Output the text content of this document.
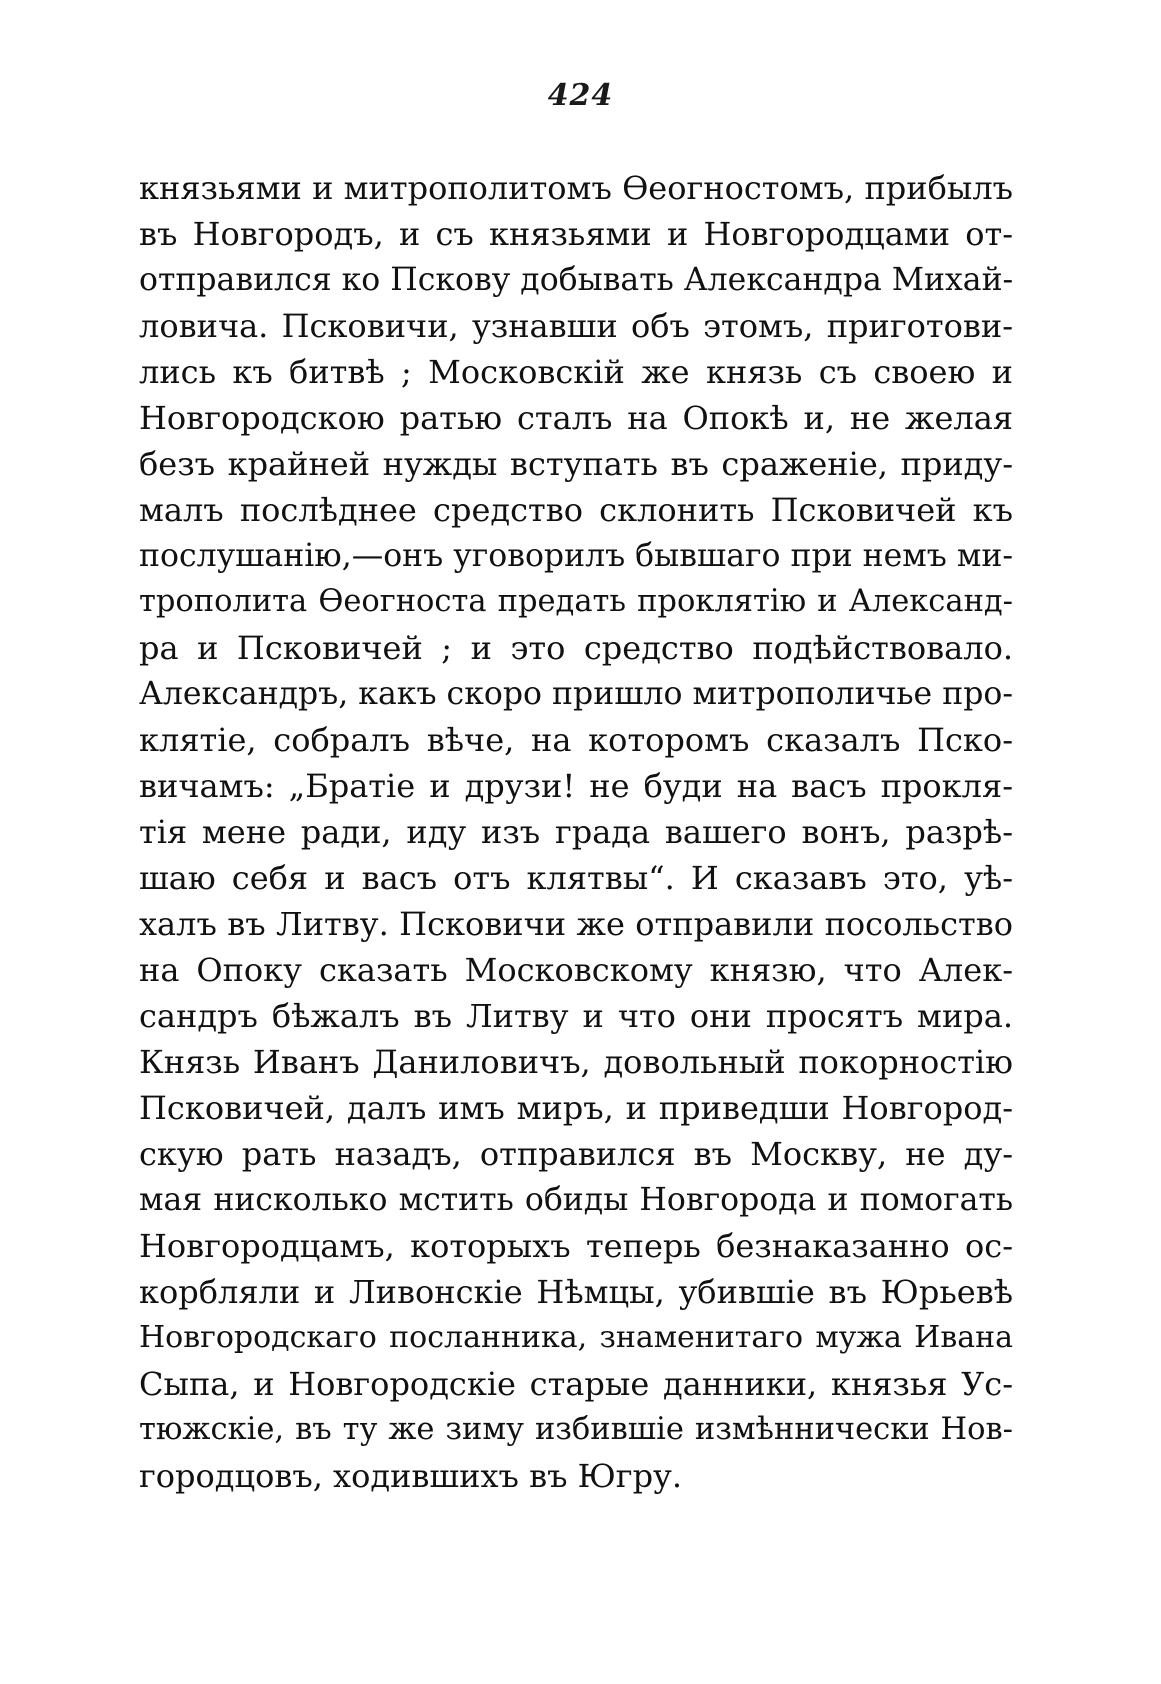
424
князьями и митрополитомъ Ѳеогностомъ, прибылъ
въ Новгородъ, и съ князьями и Новгородцами от-
отправился ко Пскову добывать Александра Михай-
ловича. Псковичи, узнавши объ этомъ, приготови-
лись къ битвѣ ; Московскій же князь съ своею и
Новгородскою ратью сталъ на Опокѣ и, не желая
безъ крайней нужды вступать въ сраженіе, приду-
малъ послѣднее средство склонить Псковичей къ
послушанію,—онъ уговорилъ бывшаго при немъ ми-
трополита Ѳеогноста предать проклятію и Александ-
ра и Псковичей ; и это средство подѣйствовало.
Александръ, какъ скоро пришло митрополичье про-
клятіе, собралъ вѣче, на которомъ сказалъ Пско-
вичамъ: „Братіе и друзи! не буди на васъ прокля-
тія мене ради, иду изъ града вашего вонъ, разрѣ-
шаю себя и васъ отъ клятвы“. И сказавъ это, уѣ-
халъ въ Литву. Псковичи же отправили посольство
на Опоку сказать Московскому князю, что Алек-
сандръ бѣжалъ въ Литву и что они просятъ мира.
Князь Иванъ Даниловичъ, довольный покорностію
Псковичей, далъ имъ миръ, и приведши Новгород-
скую рать назадъ, отправился въ Москву, не ду-
мая нисколько мстить обиды Новгорода и помогать
Новгородцамъ, которыхъ теперь безнаказанно ос-
корбляли и Ливонскіе Нѣмцы, убившіе въ Юрьевѣ
Новгородскаго посланника, знаменитаго мужа Ивана
Сыпа, и Новгородскіе старые данники, князья Ус-
тюжскіе, въ ту же зиму избившіе измѣннически Нов-
городцовъ, ходившихъ въ Югру.
